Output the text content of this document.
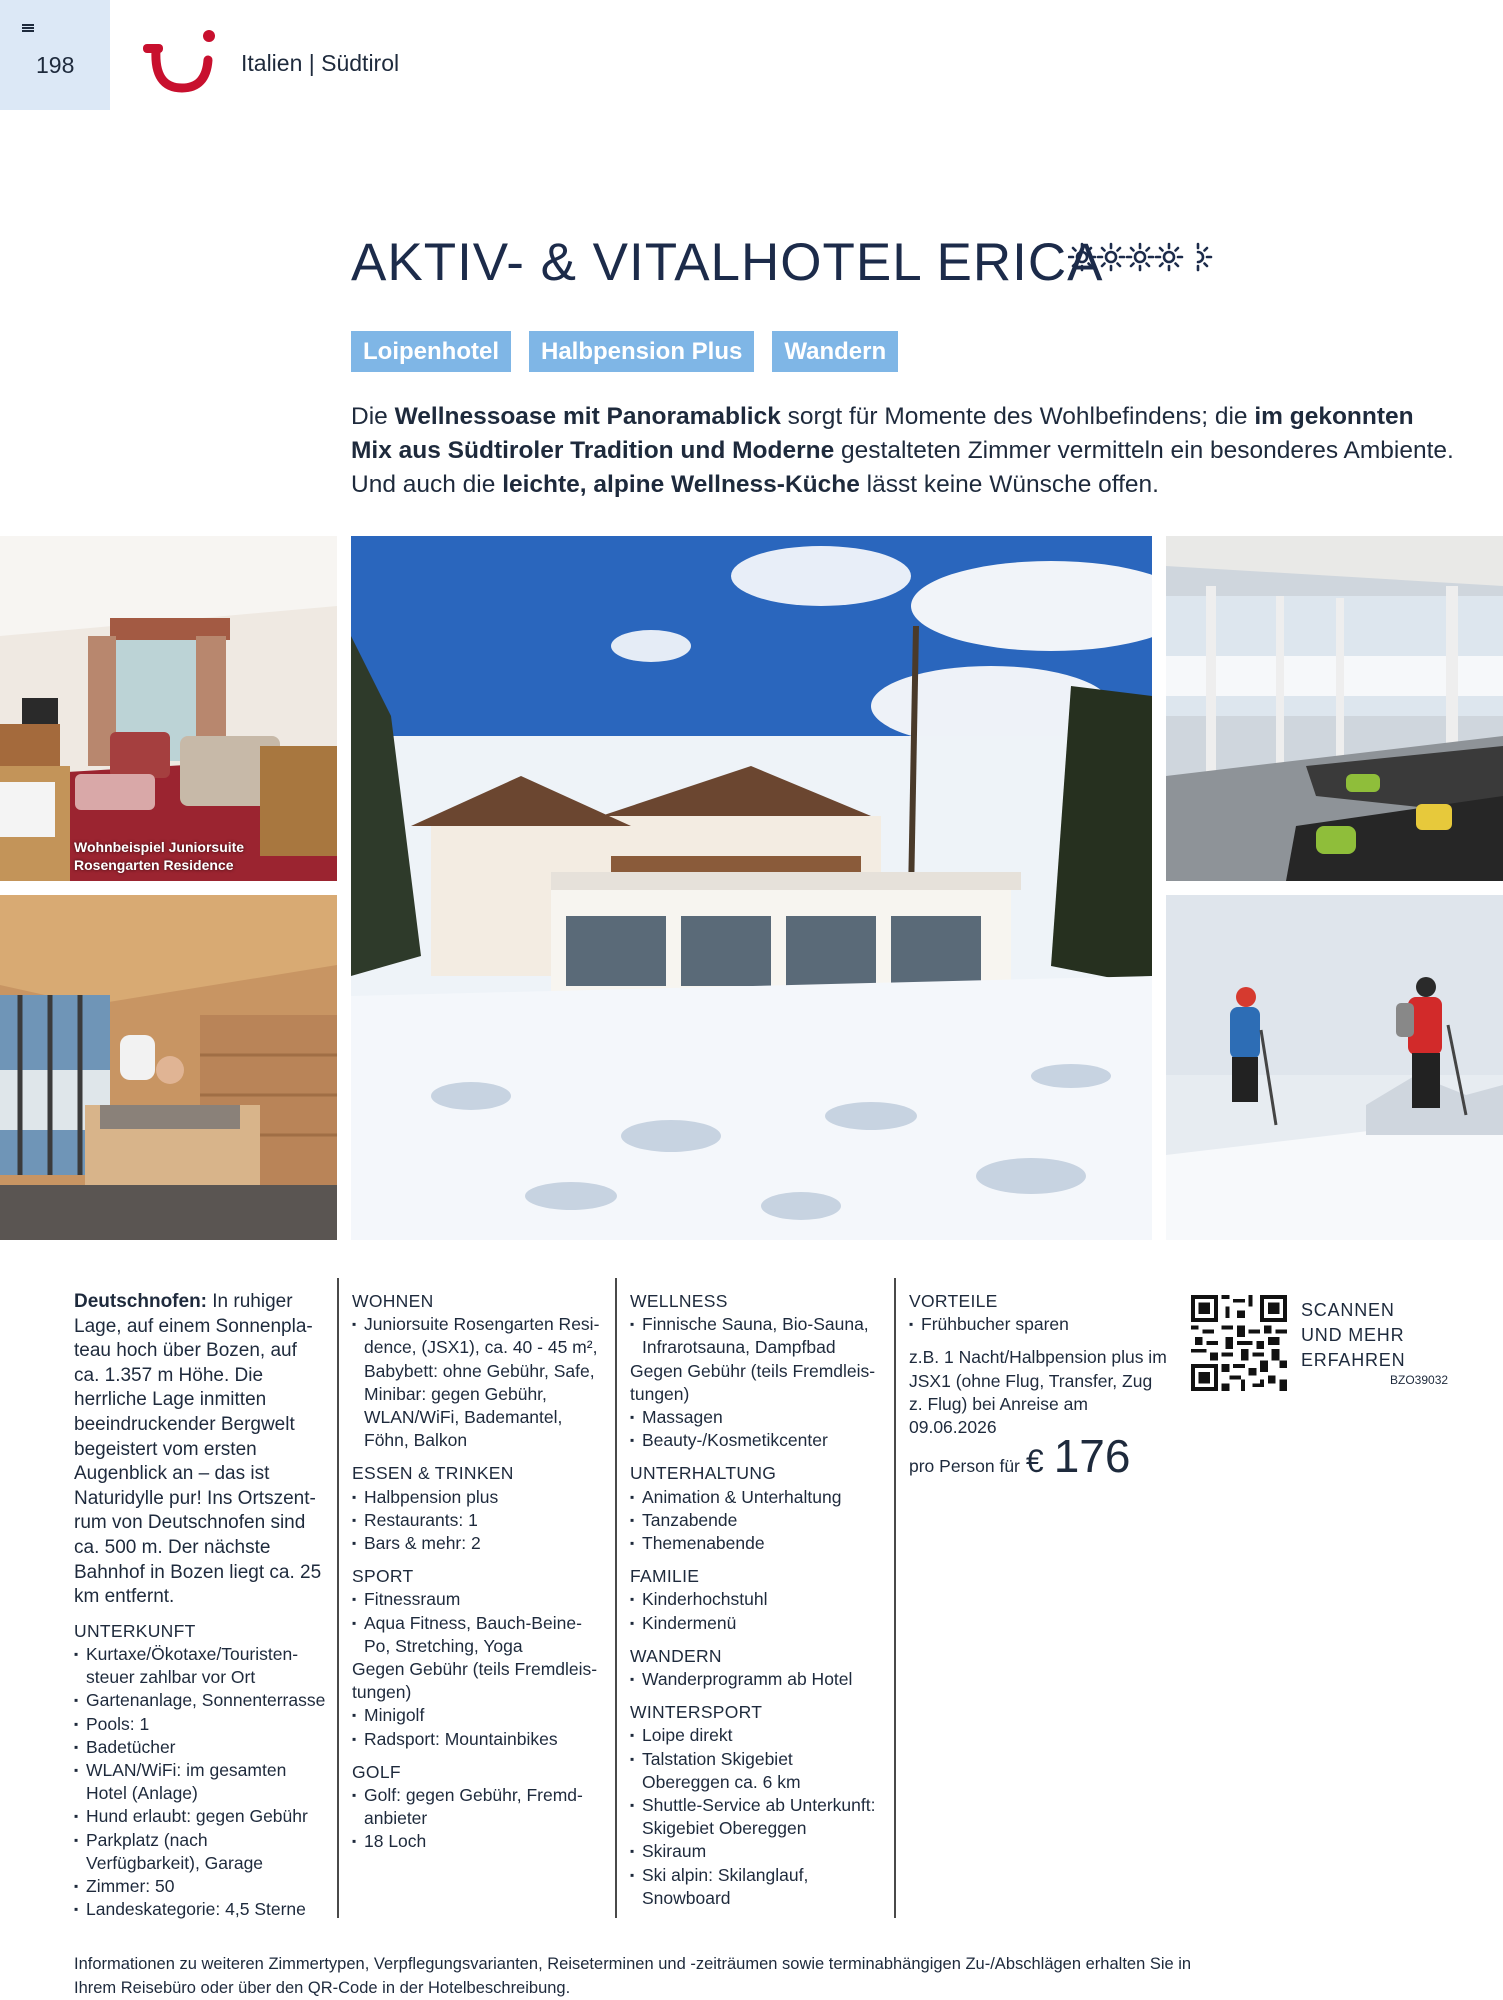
198	Italien | Südtirol
AKTIV- & VITALHOTEL ERICA
Loipenhotel	Halbpension Plus	Wandern

Die Wellnessoase mit Panoramablick sorgt für Momente des Wohlbefindens; die im gekonnten Mix aus Südtiroler Tradition und Moderne gestalteten Zimmer vermitteln ein besonderes Ambiente. Und auch die leichte, alpine Wellness-Küche lässt keine Wünsche offen.

Wohnbeispiel Juniorsuite
Rosengarten Residence

Deutschnofen: In ruhiger Lage, auf einem Sonnenplateau hoch über Bozen, auf ca. 1.357 m Höhe. Die herrliche Lage inmitten beeindruckender Bergwelt begeistert vom ersten Augenblick an – das ist Naturidylle pur! Ins Ortszentrum von Deutschnofen sind ca. 500 m. Der nächste Bahnhof in Bozen liegt ca. 25 km entfernt.

UNTERKUNFT
▪ Kurtaxe/Ökotaxe/Touristensteuer zahlbar vor Ort
▪ Gartenanlage, Sonnenterrasse
▪ Pools: 1
▪ Badetücher
▪ WLAN/WiFi: im gesamten Hotel (Anlage)
▪ Hund erlaubt: gegen Gebühr
▪ Parkplatz (nach Verfügbarkeit), Garage
▪ Zimmer: 50
▪ Landeskategorie: 4,5 Sterne
WOHNEN
▪ Juniorsuite Rosengarten Residence, (JSX1), ca. 40 - 45 m², Babybett: ohne Gebühr, Safe, Minibar: gegen Gebühr, WLAN/WiFi, Bademantel, Föhn, Balkon
ESSEN & TRINKEN
▪ Halbpension plus
▪ Restaurants: 1
▪ Bars & mehr: 2
SPORT
▪ Fitnessraum
▪ Aqua Fitness, Bauch-Beine-Po, Stretching, Yoga
Gegen Gebühr (teils Fremdleistungen)
▪ Minigolf
▪ Radsport: Mountainbikes
GOLF
▪ Golf: gegen Gebühr, Fremdanbieter
▪ 18 Loch
WELLNESS
▪ Finnische Sauna, Bio-Sauna, Infrarotsauna, Dampfbad
Gegen Gebühr (teils Fremdleistungen)
▪ Massagen
▪ Beauty-/Kosmetikcenter
UNTERHALTUNG
▪ Animation & Unterhaltung
▪ Tanzabende
▪ Themenabende
FAMILIE
▪ Kinderhochstuhl
▪ Kindermenü
WANDERN
▪ Wanderprogramm ab Hotel
WINTERSPORT
▪ Loipe direkt
▪ Talstation Skigebiet Obereggen ca. 6 km
▪ Shuttle-Service ab Unterkunft: Skigebiet Obereggen
▪ Skiraum
▪ Ski alpin: Skilanglauf, Snowboard
VORTEILE
▪ Frühbucher sparen
z.B. 1 Nacht/Halbpension plus im JSX1 (ohne Flug, Transfer, Zug z. Flug) bei Anreise am 09.06.2026
pro Person für € 176
SCANNEN
UND MEHR
ERFAHREN
BZO39032

Informationen zu weiteren Zimmertypen, Verpflegungsvarianten, Reiseterminen und -zeiträumen sowie terminabhängigen Zu-/Abschlägen erhalten Sie in Ihrem Reisebüro oder über den QR-Code in der Hotelbeschreibung.
